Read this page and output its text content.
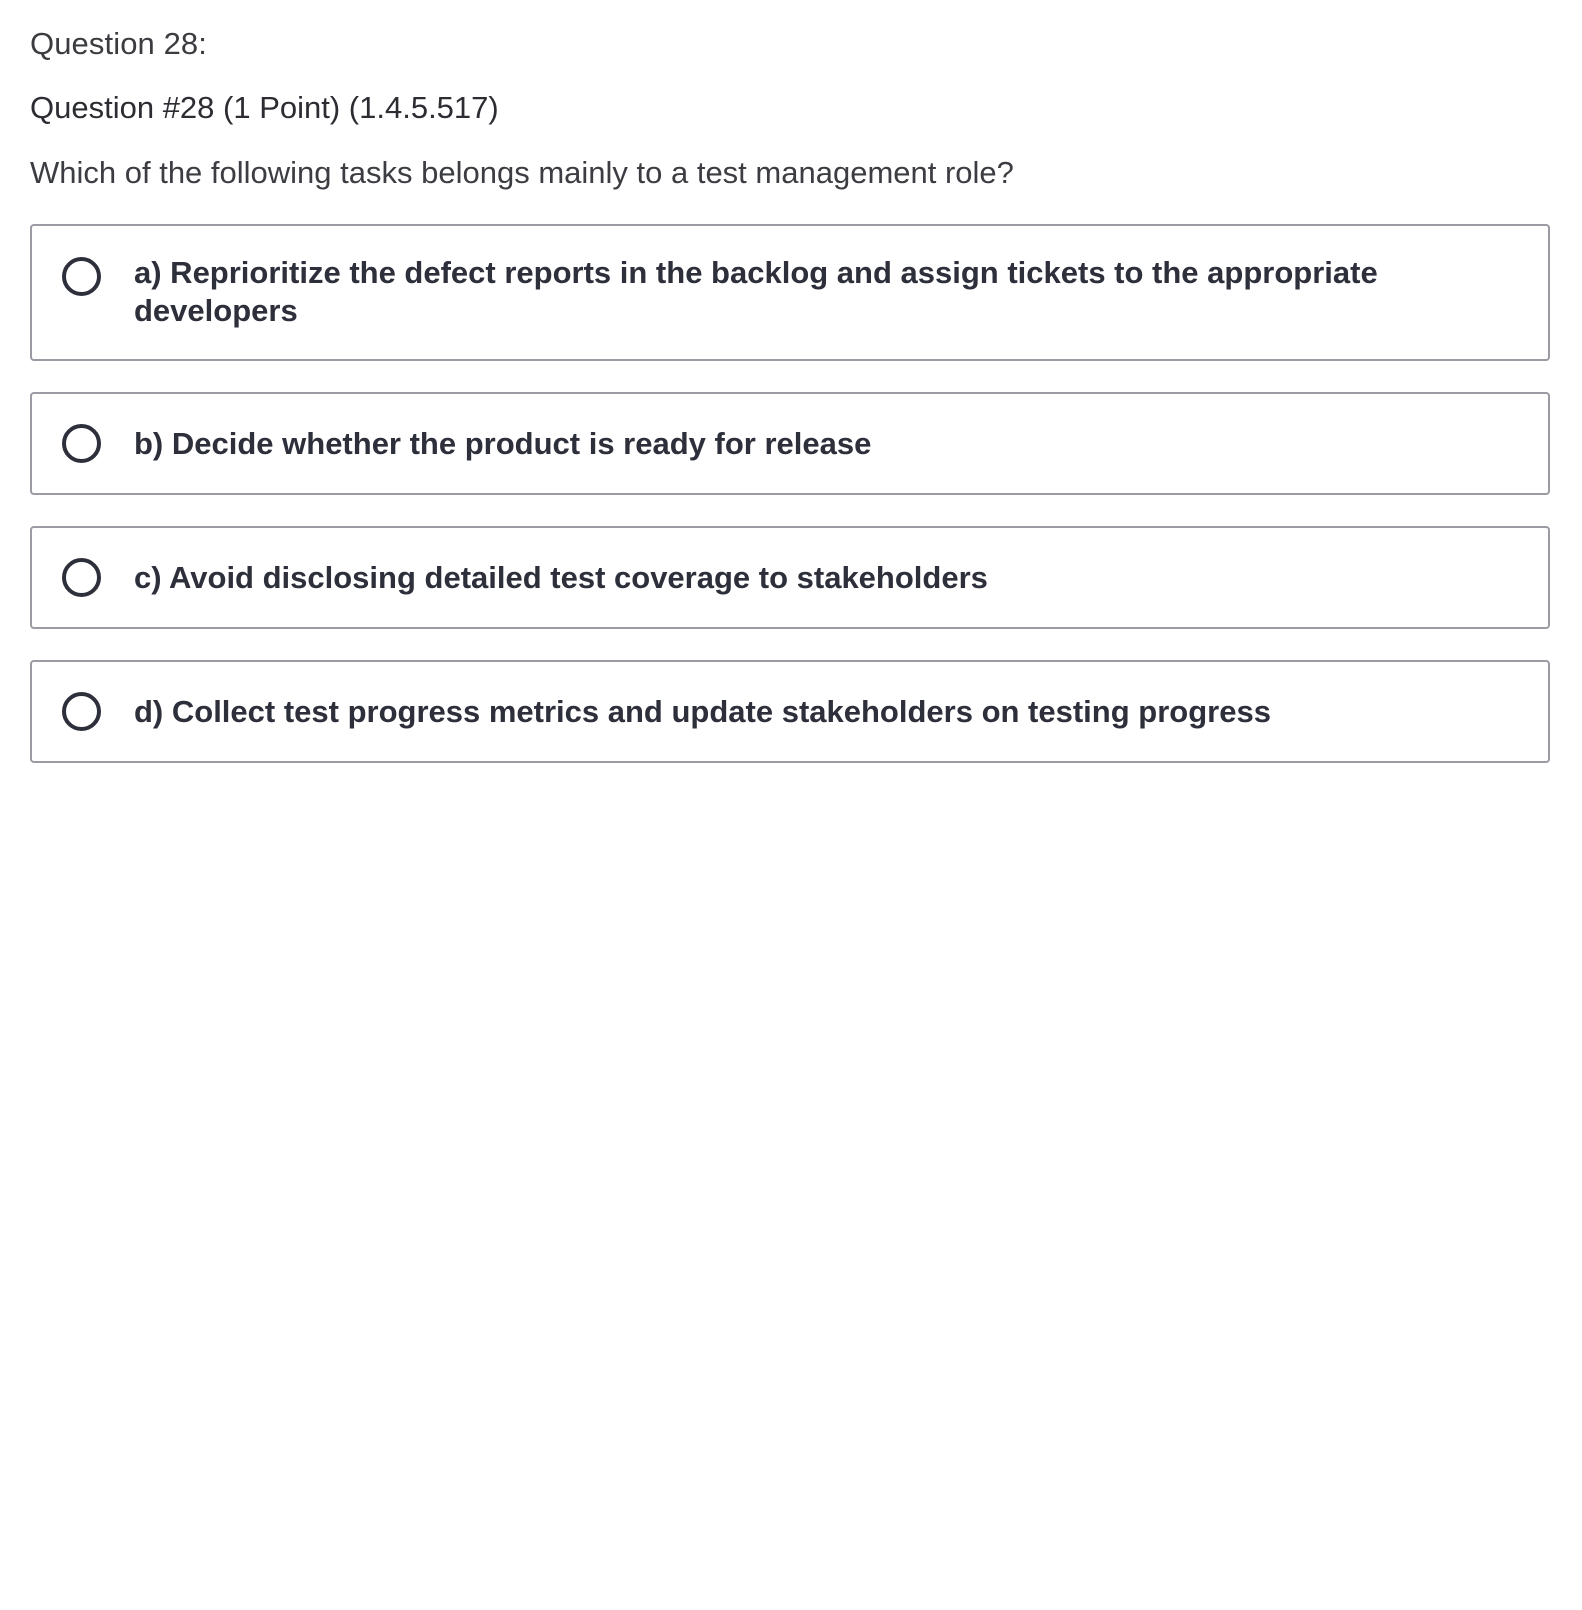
Question 28:
Question #28 (1 Point) (1.4.5.517)
Which of the following tasks belongs mainly to a test management role?
a) Reprioritize the defect reports in the backlog and assign tickets to the appropriate developers
b) Decide whether the product is ready for release
c) Avoid disclosing detailed test coverage to stakeholders
d) Collect test progress metrics and update stakeholders on testing progress
